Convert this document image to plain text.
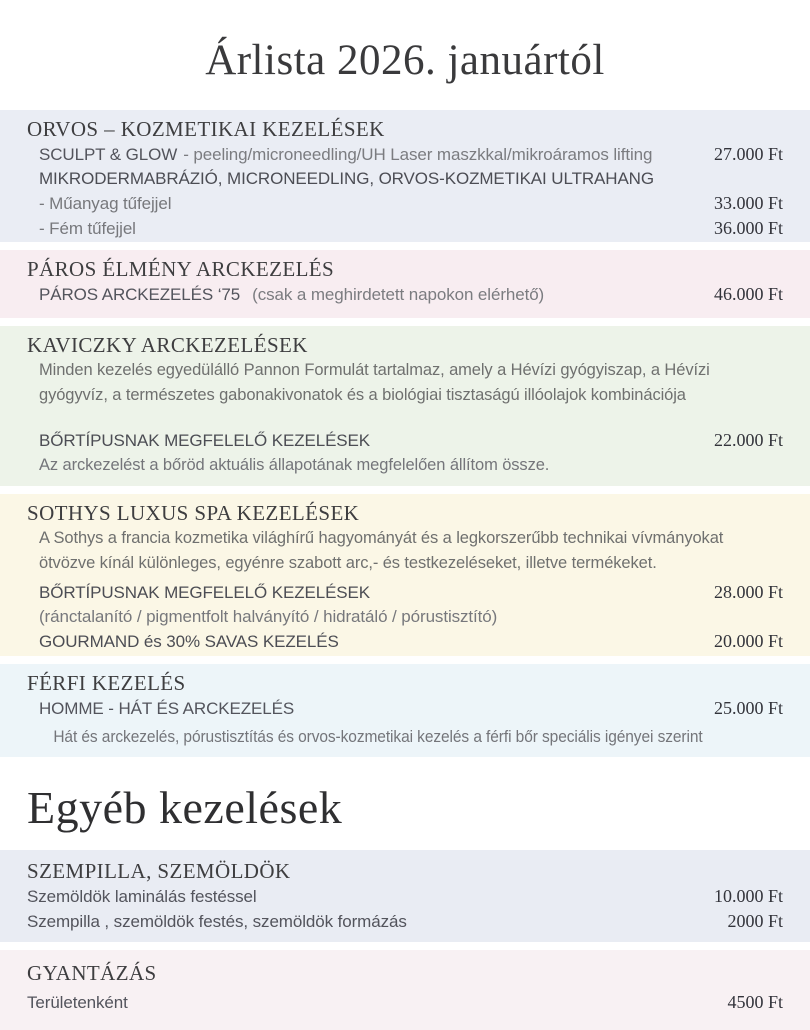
Árlista 2026. januártól
ORVOS – KOZMETIKAI KEZELÉSEK
SCULPT & GLOW - peeling/microneedling/UH Laser maszkkal/mikroáramos lifting	27.000 Ft
MIKRODERMABRÁZIÓ, MICRONEEDLING, ORVOS-KOZMETIKAI ULTRAHANG
- Műanyag tűfejjel	33.000 Ft
- Fém tűfejjel	36.000 Ft
PÁROS ÉLMÉNY ARCKEZELÉS
PÁROS ARCKEZELÉS ‘75 (csak a meghirdetett napokon elérhető)	46.000 Ft
KAVICZKY ARCKEZELÉSEK

Minden kezelés egyedülálló Pannon Formulát tartalmaz, amely a Hévízi gyógyiszap, a Hévízi gyógyvíz, a természetes gabonakivonatok és a biológiai tisztaságú illóolajok kombinációja

BŐRTÍPUSNAK MEGFELELŐ KEZELÉSEK	22.000 Ft
Az arckezelést a bőröd aktuális állapotának megfelelően állítom össze.
SOTHYS LUXUS SPA KEZELÉSEK

A Sothys a francia kozmetika világhírű hagyományát és a legkorszerűbb technikai vívmányokat ötvözve kínál különleges, egyénre szabott arc,- és testkezeléseket, illetve termékeket.

BŐRTÍPUSNAK MEGFELELŐ KEZELÉSEK	28.000 Ft
(ránctalanító / pigmentfolt halványító / hidratáló / pórustisztító)
GOURMAND és 30% SAVAS KEZELÉS	20.000 Ft
FÉRFI KEZELÉS
HOMME - HÁT ÉS ARCKEZELÉS	25.000 Ft
Hát és arckezelés, pórustisztítás és orvos-kozmetikai kezelés a férfi bőr speciális igényei szerint
Egyéb kezelések
SZEMPILLA, SZEMÖLDÖK
Szemöldök laminálás festéssel	10.000 Ft
Szempilla , szemöldök festés, szemöldök formázás	2000 Ft
GYANTÁZÁS
Területenként	4500 Ft
